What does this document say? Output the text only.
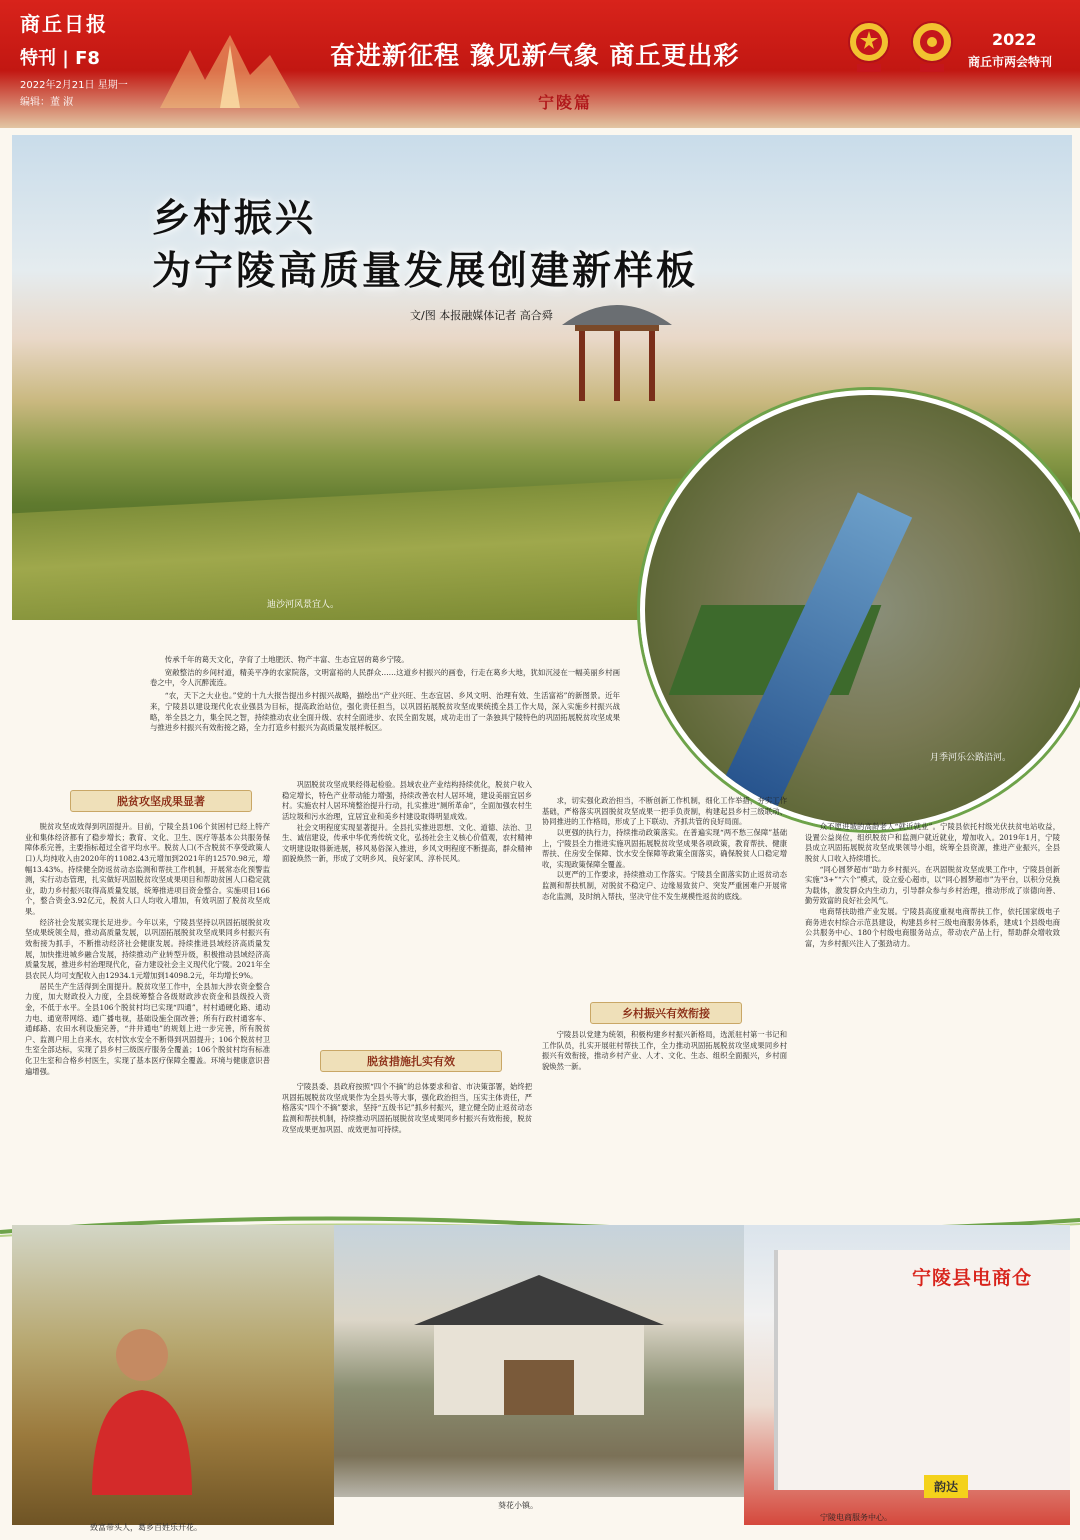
商丘日报
特刊 | F8
2022年2月21日 星期一
编辑：董 淑
奋进新征程 豫见新气象 商丘更出彩
2022
商丘市两会特刊
宁陵篇
乡村振兴
为宁陵高质量发展创建新样板
文/图 本报融媒体记者 高合舜
迪沙河风景宜人。
月季河乐公路沿河。

传承千年的葛天文化，孕育了土地肥沃、物产丰富、生态宜居的葛乡宁陵。

宽敞整洁的乡间村道，精美平净的农家院落，文明富裕的人民群众……这道乡村振兴的画卷，行走在葛乡大地，犹如沉浸在一幅美丽乡村画卷之中，令人沉醉流连。

“农，天下之大业也。”党的十九大报告提出乡村振兴战略，描绘出“产业兴旺、生态宜居、乡风文明、治理有效、生活富裕”的新图景。近年来，宁陵县以建设现代化农业强县为目标，提高政治站位，强化责任担当，以巩固拓展脱贫攻坚成果统揽全县工作大局，深入实施乡村振兴战略，举全县之力，集全民之智，持续推动农业全面升级、农村全面进步、农民全面发展，成功走出了一条独具宁陵特色的巩固拓展脱贫攻坚成果与推进乡村振兴有效衔接之路，全力打造乡村振兴为高质量发展样板区。

脱贫攻坚成果显著

脱贫攻坚成效得到巩固提升。目前，宁陵全县106个贫困村已经上特产业和集体经济都有了稳步增长；教育、文化、卫生、医疗等基本公共服务保障体系完善，主要指标超过全省平均水平。脱贫人口(不含脱贫不享受政策人口)人均纯收入由2020年的11082.43元增加到2021年的12570.98元，增幅13.43%。持续健全防返贫动态监测和帮扶工作机制，开展常态化预警监测，实行动态管理，扎实做好巩固脱贫攻坚成果项目和帮助贫困人口稳定就业，助力乡村振兴取得高质量发展，统筹推进项目资金整合。实施项目166个，整合资金3.92亿元，脱贫人口人均收入增加，有效巩固了脱贫攻坚成果。

经济社会发展实现长足进步。今年以来，宁陵县坚持以巩固拓展脱贫攻坚成果统领全局，推动高质量发展，以巩固拓展脱贫攻坚成果同乡村振兴有效衔接为抓手，不断推动经济社会健康发展。持续推进县域经济高质量发展，加快推进城乡融合发展，持续推动产业转型升级，积极推动县域经济高质量发展，推进乡村治理现代化，奋力建设社会主义现代化宁陵。2021年全县农民人均可支配收入由12934.1元增加到14098.2元，年均增长9%。

居民生产生活得到全面提升。脱贫攻坚工作中，全县加大涉农资金整合力度，加大财政投入力度，全县统筹整合各级财政涉农资金和县级投入资金，不低于水平。全县106个脱贫村均已实现“四通”，村村通硬化路、通动力电、通宽带网络、通广播电视，基础设施全面改善；所有行政村通客车、通邮路、农田水利设施完善，“井井通电”的规划上进一步完善，所有脱贫户、监测户用上自来水，农村饮水安全不断得到巩固提升；106个脱贫村卫生室全部达标，实现了县乡村三级医疗服务全覆盖；106个脱贫村均有标准化卫生室和合格乡村医生，实现了基本医疗保障全覆盖。环境与健康意识普遍增强。

巩固脱贫攻坚成果经得起检验。县域农业产业结构持续优化，脱贫户收入稳定增长，特色产业带动能力增强，持续改善农村人居环境，建设美丽宜居乡村。实施农村人居环境整治提升行动，扎实推进“厕所革命”，全面加强农村生活垃圾和污水治理，宜居宜业和美乡村建设取得明显成效。

社会文明程度实现显著提升。全县扎实推进思想、文化、道德、法治、卫生、诚信建设，传承中华优秀传统文化，弘扬社会主义核心价值观，农村精神文明建设取得新进展，移风易俗深入推进，乡风文明程度不断提高，群众精神面貌焕然一新，形成了文明乡风、良好家风、淳朴民风。

脱贫措施扎实有效

宁陵县委、县政府按照“四个不摘”的总体要求和省、市决策部署，始终把巩固拓展脱贫攻坚成果作为全县头等大事，强化政治担当，压实主体责任，严格落实“四个不摘”要求，坚持“五级书记”抓乡村振兴，建立健全防止返贫动态监测和帮扶机制，持续推动巩固拓展脱贫攻坚成果同乡村振兴有效衔接，脱贫攻坚成果更加巩固、成效更加可持续。

求，切实强化政治担当，不断创新工作机制，细化工作举措，夯实工作基础，严格落实巩固脱贫攻坚成果一把手负责制，构建起县乡村三级联动、协同推进的工作格局，形成了上下联动、齐抓共管的良好局面。

以更强的执行力，持续推动政策落实。在普遍实现“两不愁三保障”基础上，宁陵县全力推进实施巩固拓展脱贫攻坚成果各项政策，教育帮扶、健康帮扶、住房安全保障、饮水安全保障等政策全面落实，确保脱贫人口稳定增收，实现政策保障全覆盖。

以更严的工作要求，持续推动工作落实。宁陵县全面落实防止返贫动态监测和帮扶机制，对脱贫不稳定户、边缘易致贫户、突发严重困难户开展常态化监测，及时纳入帮扶，坚决守住不发生规模性返贫的底线。

乡村振兴有效衔接

宁陵县以党建为统领，积极构建乡村振兴新格局，选派驻村第一书记和工作队员，扎实开展驻村帮扶工作，全力推动巩固拓展脱贫攻坚成果同乡村振兴有效衔接，推动乡村产业、人才、文化、生态、组织全面振兴，乡村面貌焕然一新。

众不愿进城的高龄老人“就近就业”。宁陵县依托村级光伏扶贫电站收益，设置公益岗位，组织脱贫户和监测户就近就业，增加收入。2019年1月，宁陵县成立巩固拓展脱贫攻坚成果领导小组，统筹全县资源，推进产业振兴，全县脱贫人口收入持续增长。

“同心圆梦超市”助力乡村振兴。在巩固脱贫攻坚成果工作中，宁陵县创新实施“3+”“六个”模式，设立爱心超市，以“同心圆梦超市”为平台，以积分兑换为载体，激发群众内生动力，引导群众参与乡村治理，推动形成了崇德向善、勤劳致富的良好社会风气。

电商帮扶助推产业发展。宁陵县高度重视电商帮扶工作，依托国家级电子商务进农村综合示范县建设，构建县乡村三级电商服务体系，建成1个县级电商公共服务中心、180个村级电商服务站点，带动农产品上行，帮助群众增收致富，为乡村振兴注入了强劲动力。

致富带头人，葛乡百姓乐开花。
葵花小镇。
宁陵县电商仓
韵达
宁陵电商服务中心。
